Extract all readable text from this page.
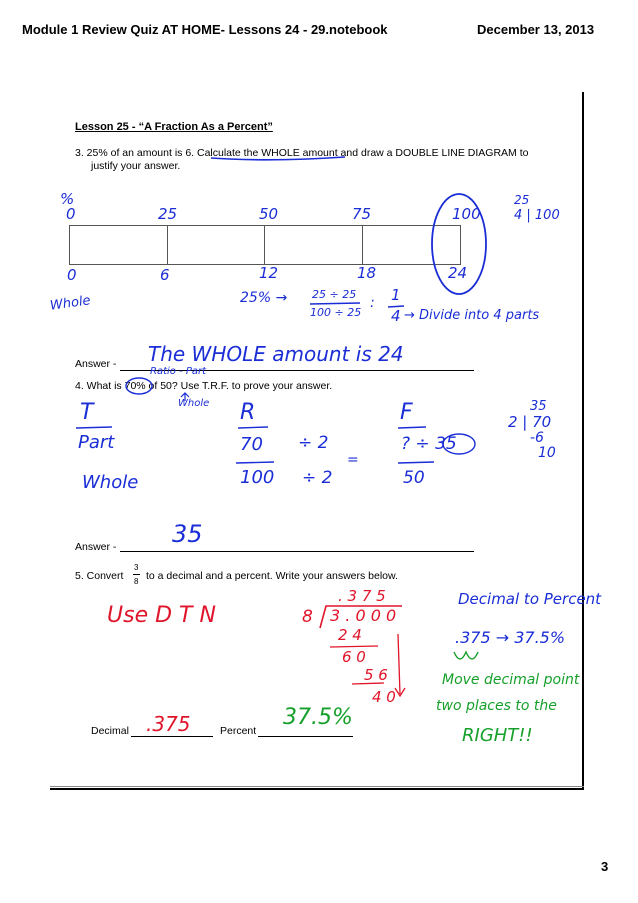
Module 1 Review Quiz AT HOME- Lessons 24 - 29.notebook	December 13, 2013
Lesson 25 - “A Fraction As a Percent”
3. 25% of an amount is 6. Calculate the WHOLE amount and draw a DOUBLE LINE DIAGRAM to
justify your answer.
%
0	25	50	75	100
25
4 | 100
0	6	12	18	24
Whole	25% → 25 ÷ 25
100 ÷ 25
: 1
4 → Divide into 4 parts
Answer - The WHOLE amount is 24
4. What is 70% of 50? Use T.R.F. to prove your answer.
Ratio - Part
Whole
T	R	F
Part
Whole
70
100
÷ 2
=
÷ 2
? ÷ 35
50
35
2 | 70
-6
10
Answer - 35
5. Convert
3
8 to a decimal and a percent. Write your answers below.
Use D T N
. 3 7 5
8 3 . 0 0 0
2 4
6 0
5 6
4 0
Decimal to Percent
.375 → 37.5%
Move decimal point
two places to the
RIGHT!!
Decimal .375	Percent
37.5%
3
